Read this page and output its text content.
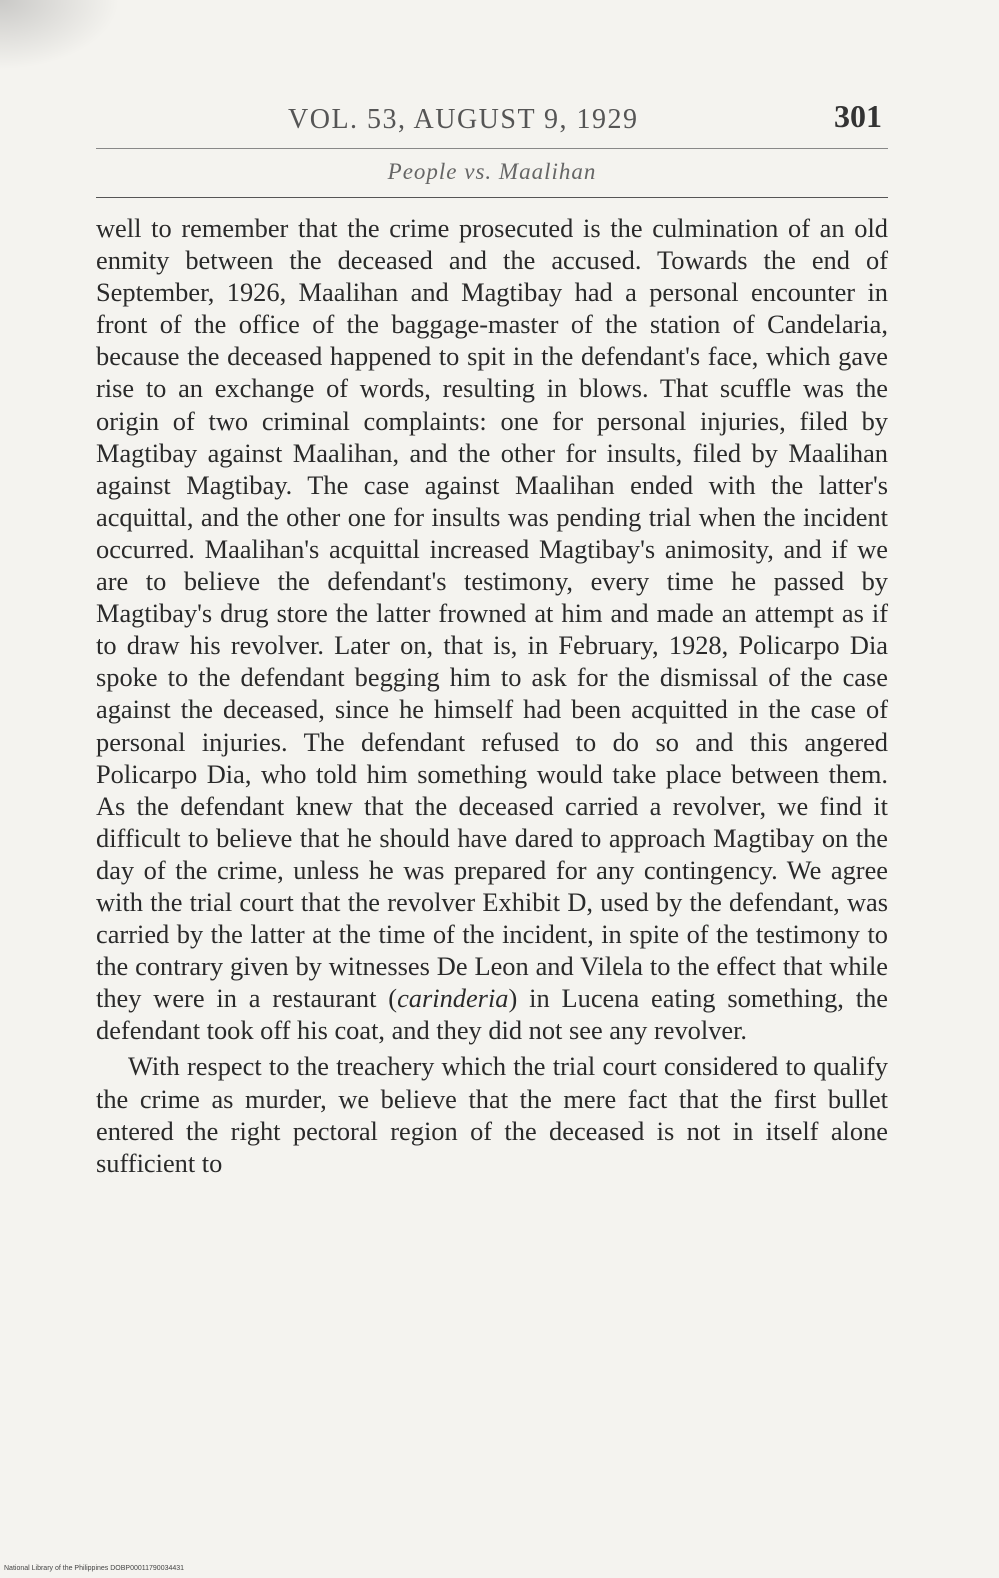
VOL. 53, AUGUST 9, 1929	301
People vs. Maalihan

well to remember that the crime prosecuted is the culmination of an old enmity between the deceased and the accused. Towards the end of September, 1926, Maalihan and Magtibay had a personal encounter in front of the office of the baggage-master of the station of Candelaria, because the deceased happened to spit in the defendant's face, which gave rise to an exchange of words, resulting in blows. That scuffle was the origin of two criminal complaints: one for personal injuries, filed by Magtibay against Maalihan, and the other for insults, filed by Maalihan against Magtibay. The case against Maalihan ended with the latter's acquittal, and the other one for insults was pending trial when the incident occurred. Maalihan's acquittal increased Magtibay's animosity, and if we are to believe the defendant's testimony, every time he passed by Magtibay's drug store the latter frowned at him and made an attempt as if to draw his revolver. Later on, that is, in February, 1928, Policarpo Dia spoke to the defendant begging him to ask for the dismissal of the case against the deceased, since he himself had been acquitted in the case of personal injuries. The defendant refused to do so and this angered Policarpo Dia, who told him something would take place between them. As the defendant knew that the deceased carried a revolver, we find it difficult to believe that he should have dared to approach Magtibay on the day of the crime, unless he was prepared for any contingency. We agree with the trial court that the revolver Exhibit D, used by the defendant, was carried by the latter at the time of the incident, in spite of the testimony to the contrary given by witnesses De Leon and Vilela to the effect that while they were in a restaurant (carinderia) in Lucena eating something, the defendant took off his coat, and they did not see any revolver.

With respect to the treachery which the trial court considered to qualify the crime as murder, we believe that the mere fact that the first bullet entered the right pectoral region of the deceased is not in itself alone sufficient to

National Library of the Philippines DOBP00011790034431
